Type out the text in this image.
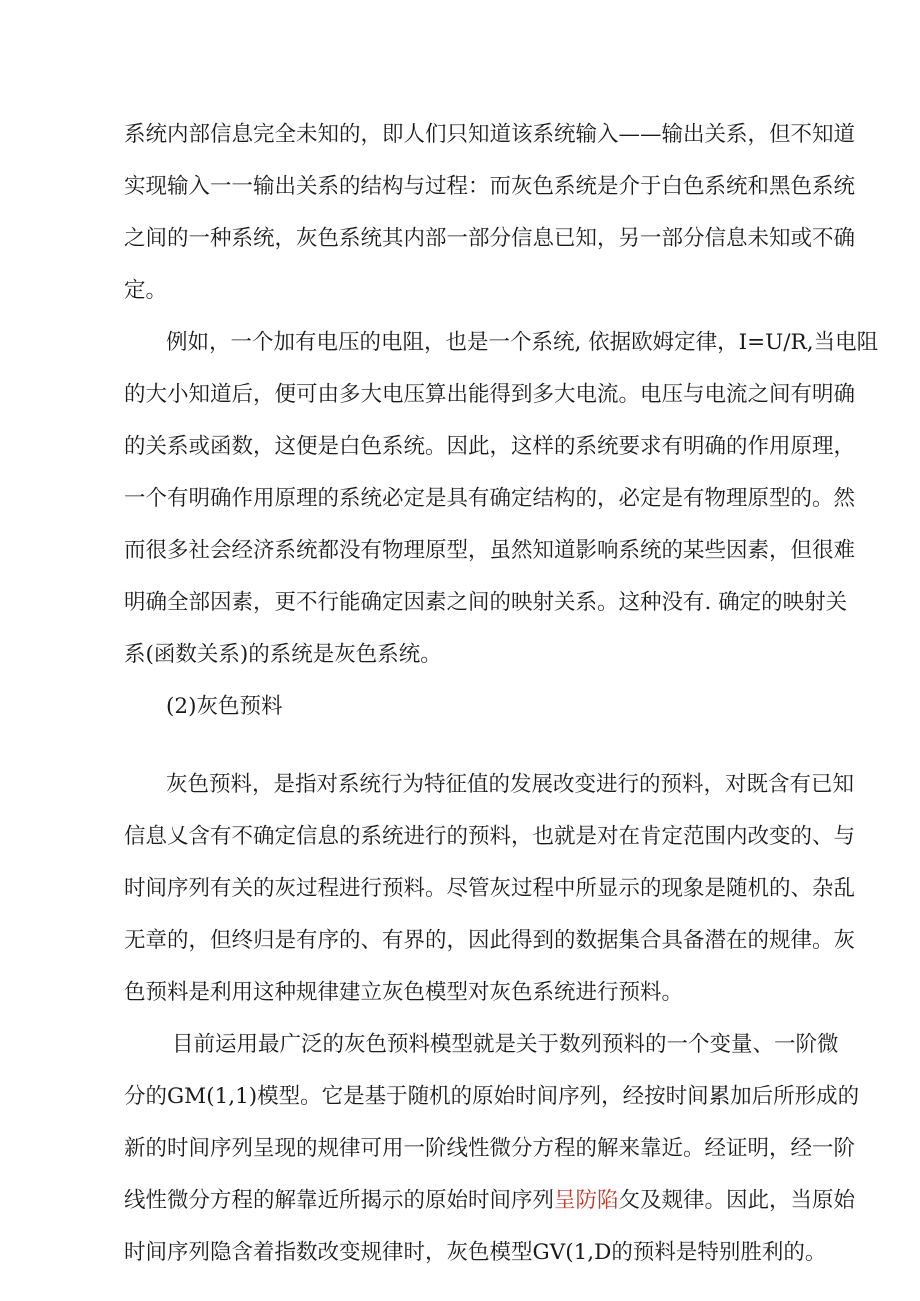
系统内部信息完全未知的，即人们只知道该系统输入——输出关系，但不知道
实现输入一一输出关系的结构与过程：而灰色系统是介于白色系统和黑色系统
之间的一种系统，灰色系统其内部一部分信息已知，另一部分信息未知或不确
定。
例如，一个加有电压的电阻，也是一个系统, 依据欧姆定律，I=U/R,当电阻
的大小知道后，便可由多大电压算出能得到多大电流。电压与电流之间有明确
的关系或函数，这便是白色系统。因此，这样的系统要求有明确的作用原理，
一个有明确作用原理的系统必定是具有确定结构的，必定是有物理原型的。然
而很多社会经济系统都没有物理原型，虽然知道影响系统的某些因素，但很难
明确全部因素，更不行能确定因素之间的映射关系。这种没有. 确定的映射关
系(函数关系)的系统是灰色系统。
(2)灰色预料
灰色预料，是指对系统行为特征值的发展改变进行的预料，对既含有已知
信息乂含有不确定信息的系统进行的预料，也就是对在肯定范围内改变的、与
时间序列有关的灰过程进行预料。尽管灰过程中所显示的现象是随机的、杂乱
无章的，但终归是有序的、有界的，因此得到的数据集合具备潜在的规律。灰
色预料是利用这种规律建立灰色模型对灰色系统进行预料。
目前运用最广泛的灰色预料模型就是关于数列预料的一个变量、一阶微
分的GM(1,1)模型。它是基于随机的原始时间序列，经按时间累加后所形成的
新的时间序列呈现的规律可用一阶线性微分方程的解来靠近。经证明，经一阶
线性微分方程的解靠近所揭示的原始时间序列呈防陷攵及觌律。因此，当原始
时间序列隐含着指数改变规律时，灰色模型GV(1,D的预料是特别胜利的。
